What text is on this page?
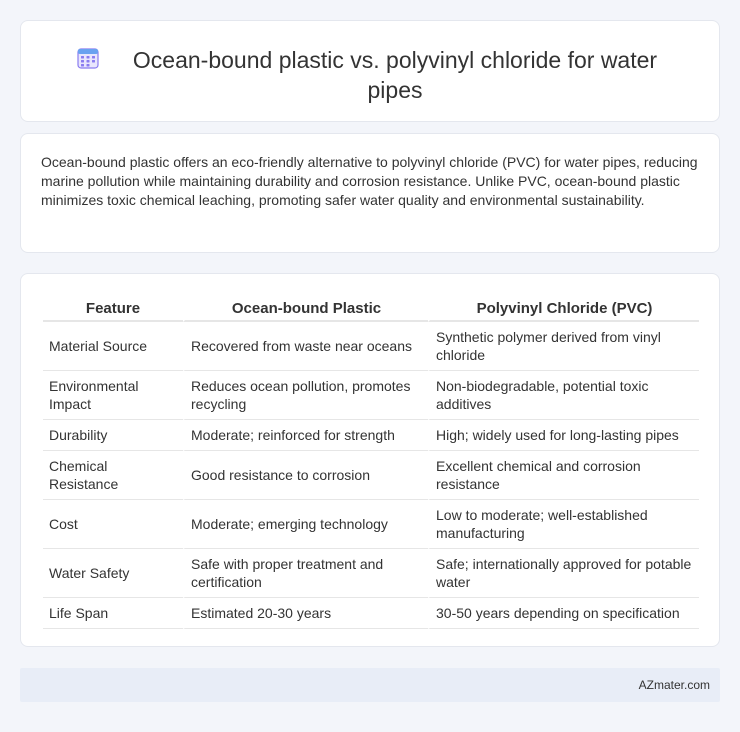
Ocean-bound plastic vs. polyvinyl chloride for water pipes

Ocean-bound plastic offers an eco-friendly alternative to polyvinyl chloride (PVC) for water pipes, reducing marine pollution while maintaining durability and corrosion resistance. Unlike PVC, ocean-bound plastic minimizes toxic chemical leaching, promoting safer water quality and environmental sustainability.

Feature	Ocean-bound Plastic	Polyvinyl Chloride (PVC)
Material Source	Recovered from waste near oceans	Synthetic polymer derived from vinyl chloride
Environmental Impact	Reduces ocean pollution, promotes recycling	Non-biodegradable, potential toxic additives
Durability	Moderate; reinforced for strength	High; widely used for long-lasting pipes
Chemical Resistance	Good resistance to corrosion	Excellent chemical and corrosion resistance
Cost	Moderate; emerging technology	Low to moderate; well-established manufacturing
Water Safety	Safe with proper treatment and certification	Safe; internationally approved for potable water
Life Span	Estimated 20-30 years	30-50 years depending on specification
AZmater.com
